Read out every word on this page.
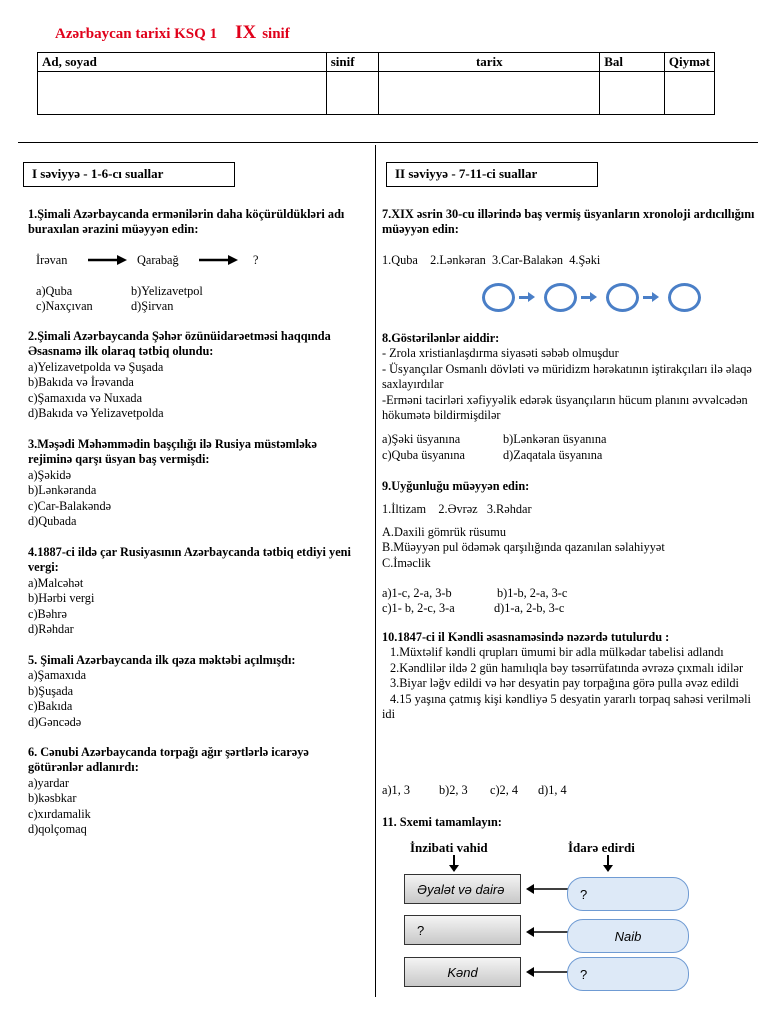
Azərbaycan tarixi KSQ 1 IX sinif
Ad, soyad	sinif	tarix	Bal	Qiymət

I səviyyə - 1-6-cı suallar
1.Şimali Azərbaycanda ermənilərin daha köçürüldükləri adı buraxılan ərazini müəyyən edin:
İrəvan	Qarabağ	?
a)Quba	b)Yelizavetpol
c)Naxçıvan	d)Şirvan

2.Şimali Azərbaycanda Şəhər özünüidarəetməsi haqqında Əsasnamə ilk olaraq tətbiq olundu:

a)Yelizavetpolda və Şuşada

b)Bakıda və İrəvanda

c)Şamaxıda və Nuxada

d)Bakıda və Yelizavetpolda

3.Məşədi Məhəmmədin başçılığı ilə Rusiya müstəmləkə rejiminə qarşı üsyan baş vermişdi:

a)Şəkidə

b)Lənkəranda

c)Car-Balakəndə

d)Qubada

4.1887-ci ildə çar Rusiyasının Azərbaycanda tətbiq etdiyi yeni vergi:

a)Malcəhət

b)Hərbi vergi

c)Bəhrə

d)Rəhdar

5. Şimali Azərbaycanda ilk qəza məktəbi açılmışdı:

a)Şamaxıda

b)Şuşada

c)Bakıda

d)Gəncədə

6. Cənubi Azərbaycanda torpağı ağır şərtlərlə icarəyə götürənlər adlanırdı:

a)yardar

b)kəsbkar

c)xırdamalik

d)qolçomaq

II səviyyə - 7-11-ci suallar
7.XIX əsrin 30-cu illərində baş vermiş üsyanların xronoloji ardıcıllığını müəyyən edin:
1.Quba    2.Lənkəran  3.Car-Balakən  4.Şəki

8.Göstərilənlər aiddir:

- Zrola xristianlaşdırma siyasəti səbəb olmuşdur

- Üsyançılar Osmanlı dövləti və müridizm hərəkatının iştirakçıları ilə əlaqə saxlayırdılar

-Erməni tacirləri xəfiyyəlik edərək üsyançıların hücum planını əvvəlcədən hökumətə bildirmişdilər

a)Şəki üsyanına	b)Lənkəran üsyanına
c)Quba üsyanına	d)Zaqatala üsyanına
9.Uyğunluğu müəyyən edin:
1.İltizam    2.Əvrəz   3.Rəhdar

A.Daxili gömrük rüsumu

B.Müəyyən pul ödəmək qarşılığında qazanılan səlahiyyət

C.İməclik

a)1-c, 2-a, 3-b	b)1-b, 2-a, 3-c
c)1- b, 2-c, 3-a	d)1-a, 2-b, 3-c

10.1847-ci il Kəndli əsasnaməsində nəzərdə tutulurdu :

1.Müxtəlif kəndli qrupları ümumi bir adla mülkədar tabelisi adlandı

2.Kəndlilər ildə 2 gün hamılıqla bəy təsərrüfatında əvrəzə çıxmalı idilər

3.Biyar ləğv edildi və hər desyatin pay torpağına görə pulla əvəz edildi

4.15 yaşına çatmış kişi kəndliyə 5 desyatin yararlı torpaq sahəsi verilməli idi

a)1, 3 b)2, 3 c)2, 4 d)1, 4
11. Sxemi tamamlayın:
İnzibati vahid	İdarə edirdi
Əyalət və dairə	?
?	Naib
Kənd	?
